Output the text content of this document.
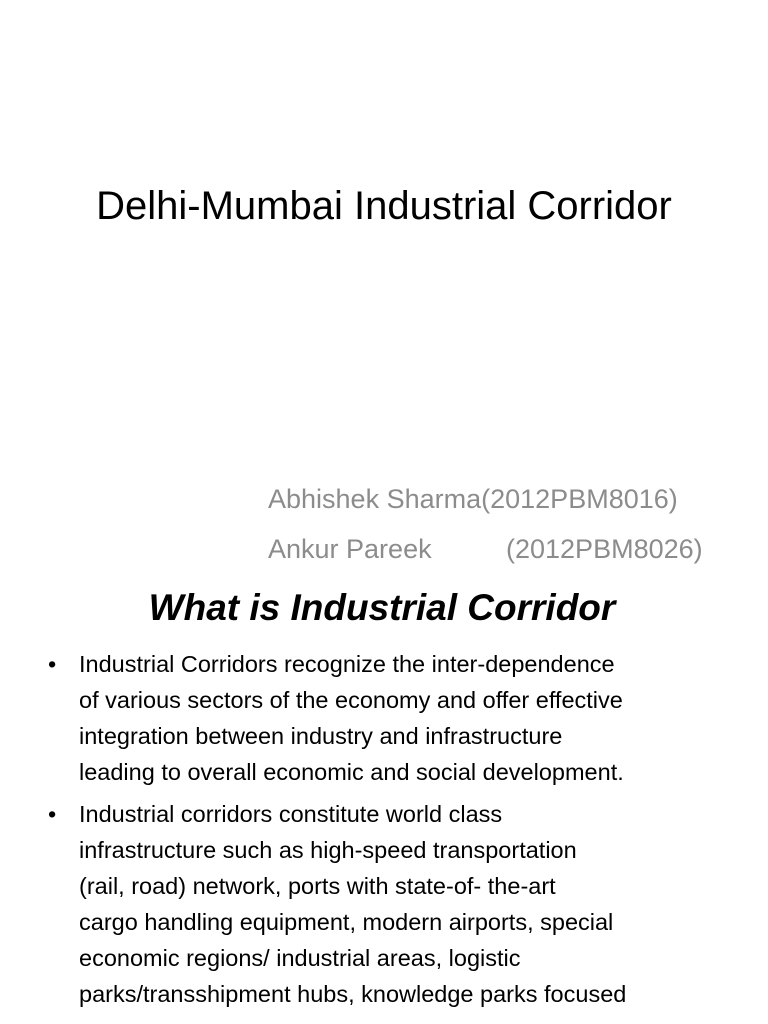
Delhi-Mumbai Industrial Corridor
Abhishek Sharma(2012PBM8016)
Ankur Pareek	(2012PBM8026)
What is Industrial Corridor
• Industrial Corridors recognize the inter-dependence
of various sectors of the economy and offer effective
integration between industry and infrastructure
leading to overall economic and social development.
• Industrial corridors constitute world class
infrastructure such as high-speed transportation
(rail, road) network, ports with state-of- the-art
cargo handling equipment, modern airports, special
economic regions/ industrial areas, logistic
parks/transshipment hubs, knowledge parks focused
